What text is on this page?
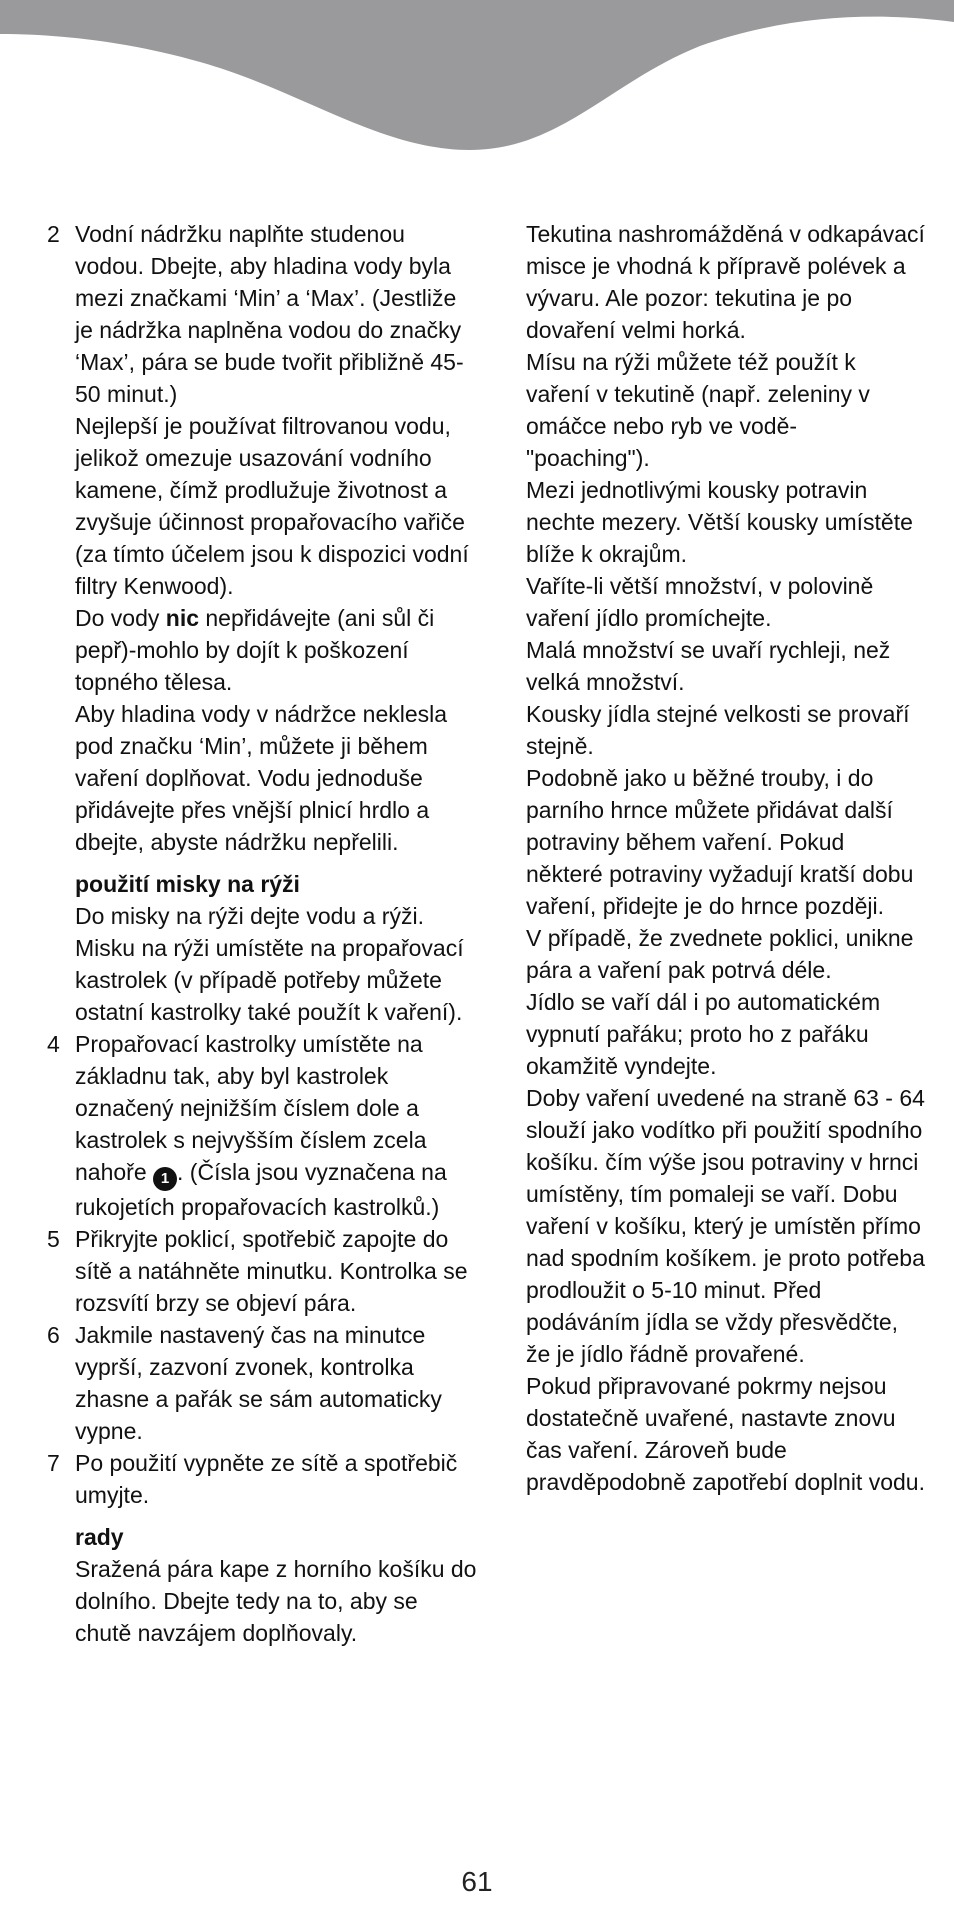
2 Vodní nádržku naplňte studenou vodou. Dbejte, aby hladina vody byla mezi značkami ‘Min’ a ‘Max’. (Jestliže je nádržka naplněna vodou do značky ‘Max’, pára se bude tvořit přibližně 45-50 minut.)

Nejlepší je používat filtrovanou vodu, jelikož omezuje usazování vodního kamene, čímž prodlužuje životnost a zvyšuje účinnost propařovacího vařiče (za tímto účelem jsou k dispozici vodní filtry Kenwood).

Do vody nic nepřidávejte (ani sůl či pepř)-mohlo by dojít k poškození topného tělesa.

Aby hladina vody v nádržce neklesla pod značku ‘Min’, můžete ji během vaření doplňovat. Vodu jednoduše přidávejte přes vnější plnicí hrdlo a dbejte, abyste nádržku nepřelili.

použití misky na rýži

Do misky na rýži dejte vodu a rýži. Misku na rýži umístěte na propařovací kastrolek (v případě potřeby můžete ostatní kastrolky také použít k vaření).

4 Propařovací kastrolky umístěte na základnu tak, aby byl kastrolek označený nejnižším číslem dole a kastrolek s nejvyšším číslem zcela nahoře 1 . (Čísla jsou vyznačena na rukojetích propařovacích kastrolků.)

5 Přikryjte poklicí, spotřebič zapojte do sítě a natáhněte minutku. Kontrolka se rozsvítí brzy se objeví pára.

6 Jakmile nastavený čas na minutce vyprší, zazvoní zvonek, kontrolka zhasne a pařák se sám automaticky vypne.

7 Po použití vypněte ze sítě a spotřebič umyjte.

rady

Sražená pára kape z horního košíku do dolního. Dbejte tedy na to, aby se chutě navzájem doplňovaly.

Tekutina nashromážděná v odkapávací misce je vhodná k přípravě polévek a vývaru. Ale pozor: tekutina je po dovaření velmi horká.

Mísu na rýži můžete též použít k vaření v tekutině (např. zeleniny v omáčce nebo ryb ve vodě- "poaching").

Mezi jednotlivými kousky potravin nechte mezery. Větší kousky umístěte blíže k okrajům.

Vaříte-li větší množství, v polovině vaření jídlo promíchejte.

Malá množství se uvaří rychleji, než velká množství.

Kousky jídla stejné velkosti se provaří stejně.

Podobně jako u běžné trouby, i do parního hrnce můžete přidávat další potraviny během vaření. Pokud některé potraviny vyžadují kratší dobu vaření, přidejte je do hrnce později.

V případě, že zvednete poklici, unikne pára a vaření pak potrvá déle.

Jídlo se vaří dál i po automatickém vypnutí pařáku; proto ho z pařáku okamžitě vyndejte.

Doby vaření uvedené na straně 63 - 64 slouží jako vodítko při použití spodního košíku. čím výše jsou potraviny v hrnci umístěny, tím pomaleji se vaří. Dobu vaření v košíku, který je umístěn přímo nad spodním košíkem. je proto potřeba prodloužit o 5-10 minut. Před podáváním jídla se vždy přesvědčte, že je jídlo řádně provařené.

Pokud připravované pokrmy nejsou dostatečně uvařené, nastavte znovu čas vaření. Zároveň bude pravděpodobně zapotřebí doplnit vodu.

61
